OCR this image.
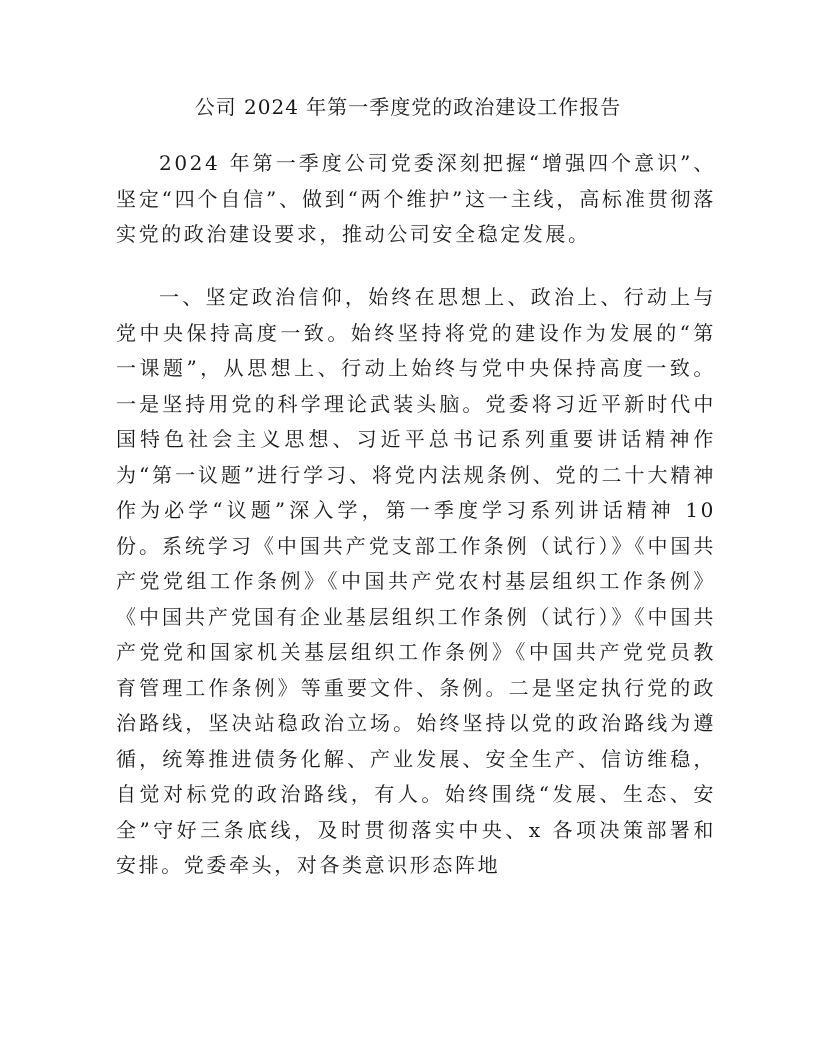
公司 2024 年第一季度党的政治建设工作报告

2024 年第一季度公司党委深刻把握“增强四个意识”、坚定“四个自信”、做到“两个维护”这一主线，高标准贯彻落实党的政治建设要求，推动公司安全稳定发展。

一、坚定政治信仰，始终在思想上、政治上、行动上与党中央保持高度一致。始终坚持将党的建设作为发展的“第一课题”，从思想上、行动上始终与党中央保持高度一致。一是坚持用党的科学理论武装头脑。党委将习近平新时代中国特色社会主义思想、习近平总书记系列重要讲话精神作为“第一议题”进行学习、将党内法规条例、党的二十大精神作为必学“议题”深入学，第一季度学习系列讲话精神 10 份。系统学习《中国共产党支部工作条例（试行）》《中国共产党党组工作条例》《中国共产党农村基层组织工作条例》《中国共产党国有企业基层组织工作条例（试行）》《中国共产党党和国家机关基层组织工作条例》《中国共产党党员教育管理工作条例》等重要文件、条例。二是坚定执行党的政治路线，坚决站稳政治立场。始终坚持以党的政治路线为遵循，统筹推进债务化解、产业发展、安全生产、信访维稳，自觉对标党的政治路线，有人。始终围绕“发展、生态、安全”守好三条底线，及时贯彻落实中央、x 各项决策部署和安排。党委牵头，对各类意识形态阵地
